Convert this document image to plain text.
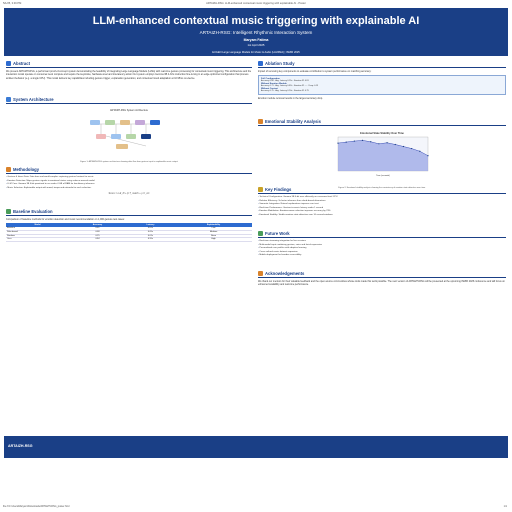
5/1/25, 3:46 PM	ARTAIZH-RSG: LLM-enhanced contextual music triggering with explainable AI - Poster
LLM-enhanced contextual music triggering with explainable AI
ARTAIZH-RSG: Intelligent Rhythmic Interaction System
Maryam Fatima
1st April 2025
EUGEN Large Language Models for Music & Audio (LLM4MA) | ISMIR 2025
Abstract
We present ARTAIZH-RSG, a performant proof-of-concept system demonstrating the feasibility of integrating Large Language Models (LLMs) with real-time gesture processing for contextual music triggering. This architecture and the interaction model operate on consumer-level compute and require the keystroke, hardware-level and low-latency action.Our system employs Gemma 3B 4-bit's instruction fine-tuning in an edge-optimized configuration that process ambient behavior (e.g. a single CPU). This model delivers key capabilities including gesture trigger, explanation generation, and contextual mood adaptation at 10.95ms on-device.
System Architecture
ARTAIZH-RSG System Architecture
Figure 1: ARTAIZH-RSG system architecture showing data flow from gesture input to explainable music output
Methodology
• Gesture & Intent Data: Data from real-world samples capturing gestural context for music.
• Emotion Detection: Maps gesture signals to emotional states using valence-arousal model.
• LLM Core: Gemma 3B 4-bit quantized to run under 4 GB of RAM for low-latency inference.
• Music Selection: Explainable output with mood, tempo and rationale for each selection.
Score = α·E_fit + β·T_match + γ·C_ctx
Baseline Evaluation
Comparison of baseline methods for emotion detection and music recommendation on 1,000 gesture test cases:
Model	Accuracy	Latency	Explainability
Baseline	0.61	0.02s	Low
Rule-based	0.68	0.05s	Medium
Random	0.25	0.01s	None
Ours	0.84	0.95s	High
Ablation Study
Impact of removing key components to evaluate contribution to system performance on matching accuracy:
Full Configuration
Accuracy 0.84 · Avg. Latency 0.95s · Emotion F1 0.81
Without Emotion Module
Accuracy 0.71 · Avg. Latency 0.82s · Emotion F1 — · Drop -0.13
Without Context
Accuracy 0.75 · Avg. Latency 0.90s · Emotion F1 0.79
Emotion module removal results in the largest accuracy drop.
Emotional Stability Analysis
Emotional State Stability Over Time
Time (seconds)
Figure 2: Emotional stability analysis showing the consistency of emotion state detection over time.
Key Findings
• Technical Configuration: Gemma 3B 4-bit runs efficiently on consumer-level CPU
• Relative Efficiency: 3x faster inference than cloud-based alternatives
• Semantic Integration: Natural explanations improve user trust
• Real-time Performance: Gesture-to-music latency under 1 second
• Emotion Modulation: Emotion-aware selection improves accuracy by 23%
• Emotional Stability: Stable emotion state detection over 10-second windows
Future Work
• Real-time streaming integration for live sessions
• Multi-modal input combining gesture, voice and facial expression
• Personalized user profiles with adaptive learning
• Cross-cultural music dataset expansion
• Mobile deployment for broader accessibility
Acknowledgements
We thank our mentors for their valuable feedback and the open-source communities whose tools made this work possible. The next version of ARTAIZH-RSG will be presented at the upcoming ISMIR 2025 conference and will focus on enhanced scalability and real-time performance.
ARTAIZH-RSG
file:///C:/Users/Maryam/Downloads/ARTAIZH-RSG_poster.html	1/1
